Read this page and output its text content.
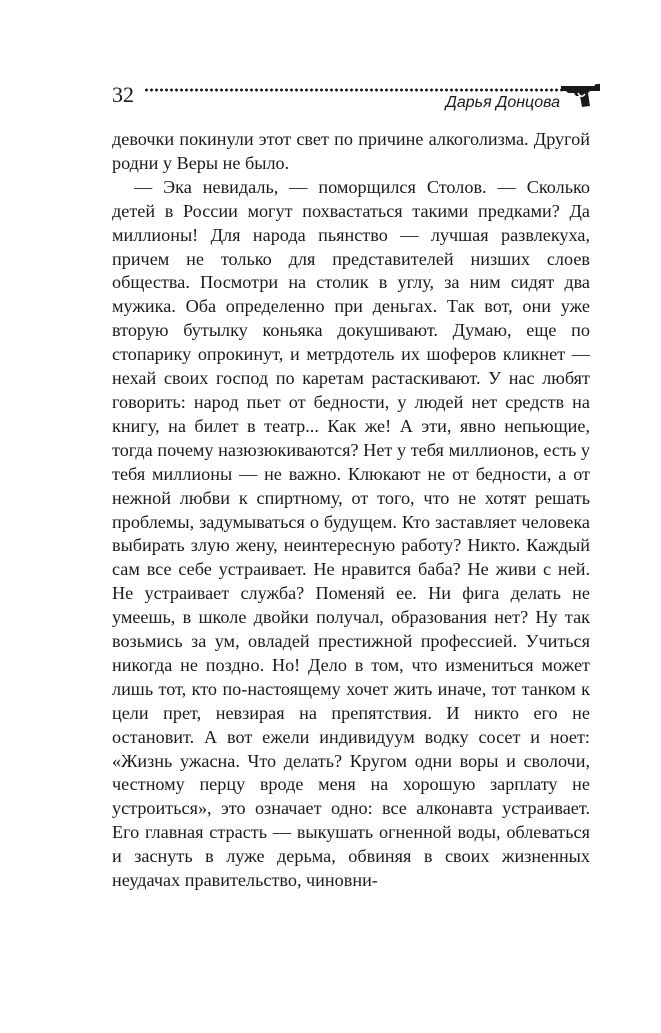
32	Дарья Донцова

девочки покинули этот свет по причине алкоголизма. Другой родни у Веры не было.

— Эка невидаль, — поморщился Столов. — Сколько детей в России могут похвастаться такими предками? Да миллионы! Для народа пьянство — лучшая развлекуха, причем не только для представителей низших слоев общества. Посмотри на столик в углу, за ним сидят два мужика. Оба определенно при деньгах. Так вот, они уже вторую бутылку коньяка докушивают. Думаю, еще по стопарику опрокинут, и метрдотель их шоферов кликнет — нехай своих господ по каретам растаскивают. У нас любят говорить: народ пьет от бедности, у людей нет средств на книгу, на билет в театр... Как же! А эти, явно непьющие, тогда почему назюзюкиваются? Нет у тебя миллионов, есть у тебя миллионы — не важно. Клюкают не от бедности, а от нежной любви к спиртному, от того, что не хотят решать проблемы, задумываться о будущем. Кто заставляет человека выбирать злую жену, неинтересную работу? Никто. Каждый сам все себе устраивает. Не нравится баба? Не живи с ней. Не устраивает служба? Поменяй ее. Ни фига делать не умеешь, в школе двойки получал, образования нет? Ну так возьмись за ум, овладей престижной профессией. Учиться никогда не поздно. Но! Дело в том, что измениться может лишь тот, кто по-настоящему хочет жить иначе, тот танком к цели прет, невзирая на препятствия. И никто его не остановит. А вот ежели индивидуум водку сосет и ноет: «Жизнь ужасна. Что делать? Кругом одни воры и сволочи, честному перцу вроде меня на хорошую зарплату не устроиться», это означает одно: все алконавта устраивает. Его главная страсть — выкушать огненной воды, облеваться и заснуть в луже дерьма, обвиняя в своих жизненных неудачах правительство, чиновни-
